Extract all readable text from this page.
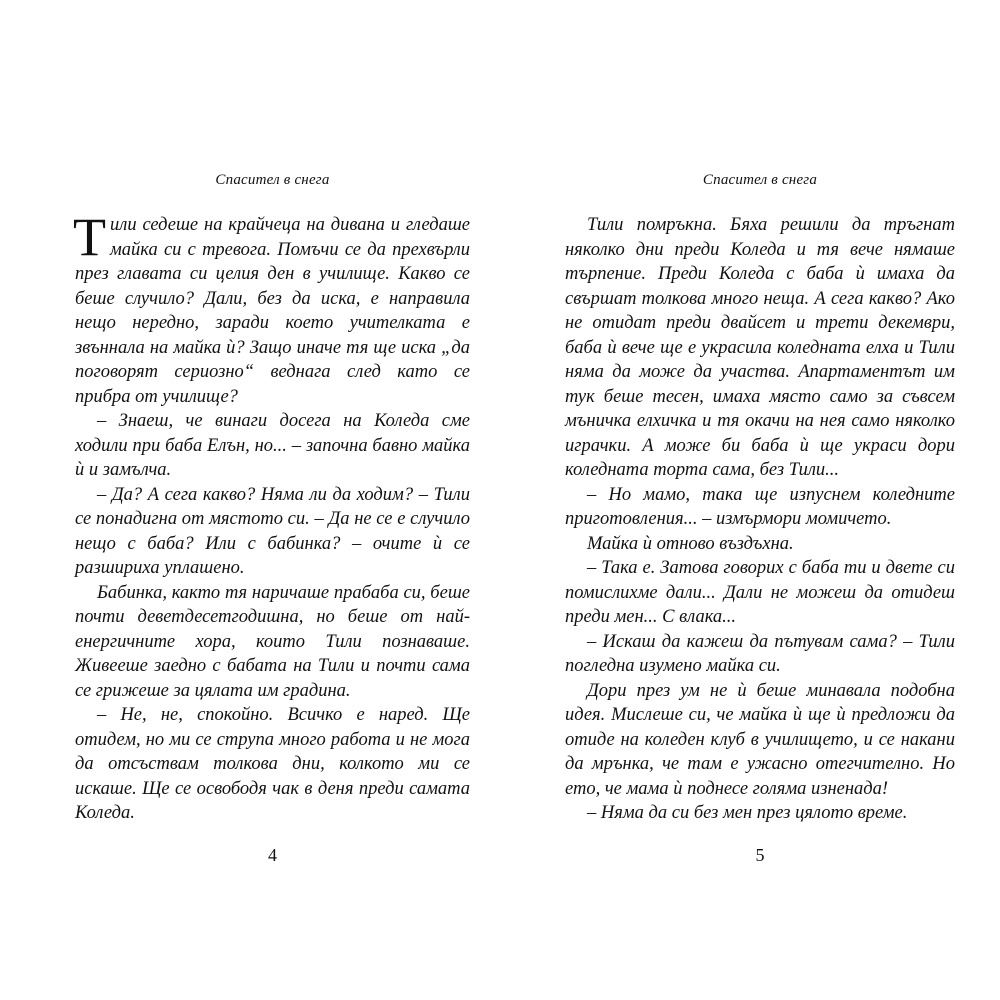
Спасител в снега

Тили седеше на крайчеца на дивана и гледаше майка си с тревога. Помъчи се да прехвърли през главата си целия ден в училище. Какво се беше случило? Дали, без да иска, е направила нещо нередно, заради което учителката е звъннала на майка ѝ? Защо иначе тя ще иска „да поговорят сериозно“ веднага след като се прибра от училище?

– Знаеш, че винаги досега на Коледа сме ходили при баба Елън, но... – започна бавно майка ѝ и замълча.

– Да? А сега какво? Няма ли да ходим? – Тили се понадигна от мястото си. – Да не се е случило нещо с баба? Или с бабинка? – очите ѝ се разшириха уплашено.

Бабинка, както тя наричаше прабаба си, беше почти деветдесетгодишна, но беше от най-енергичните хора, които Тили познаваше. Живееше заедно с бабата на Тили и почти сама се грижеше за цялата им градина.

– Не, не, спокойно. Всичко е наред. Ще отидем, но ми се струпа много работа и не мога да отсъствам толкова дни, колкото ми се искаше. Ще се освободя чак в деня преди самата Коледа.

4
Спасител в снега

Тили помръкна. Бяха решили да тръгнат няколко дни преди Коледа и тя вече нямаше търпение. Преди Коледа с баба ѝ имаха да свършат толкова много неща. А сега какво? Ако не отидат преди двайсет и трети декември, баба ѝ вече ще е украсила коледната елха и Тили няма да може да участва. Апартаментът им тук беше тесен, имаха място само за съвсем мъничка елхичка и тя окачи на нея само няколко играчки. А може би баба ѝ ще украси дори коледната торта сама, без Тили...

– Но мамо, така ще изпуснем коледните приготовления... – измърмори момичето.

Майка ѝ отново въздъхна.

– Така е. Затова говорих с баба ти и двете си помислихме дали... Дали не можеш да отидеш преди мен... С влака...

– Искаш да кажеш да пътувам сама? – Тили погледна изумено майка си.

Дори през ум не ѝ беше минавала подобна идея. Мислеше си, че майка ѝ ще ѝ предложи да отиде на коледен клуб в училището, и се накани да мрънка, че там е ужасно отегчително. Но ето, че мама ѝ поднесе голяма изненада!

– Няма да си без мен през цялото време.

5
